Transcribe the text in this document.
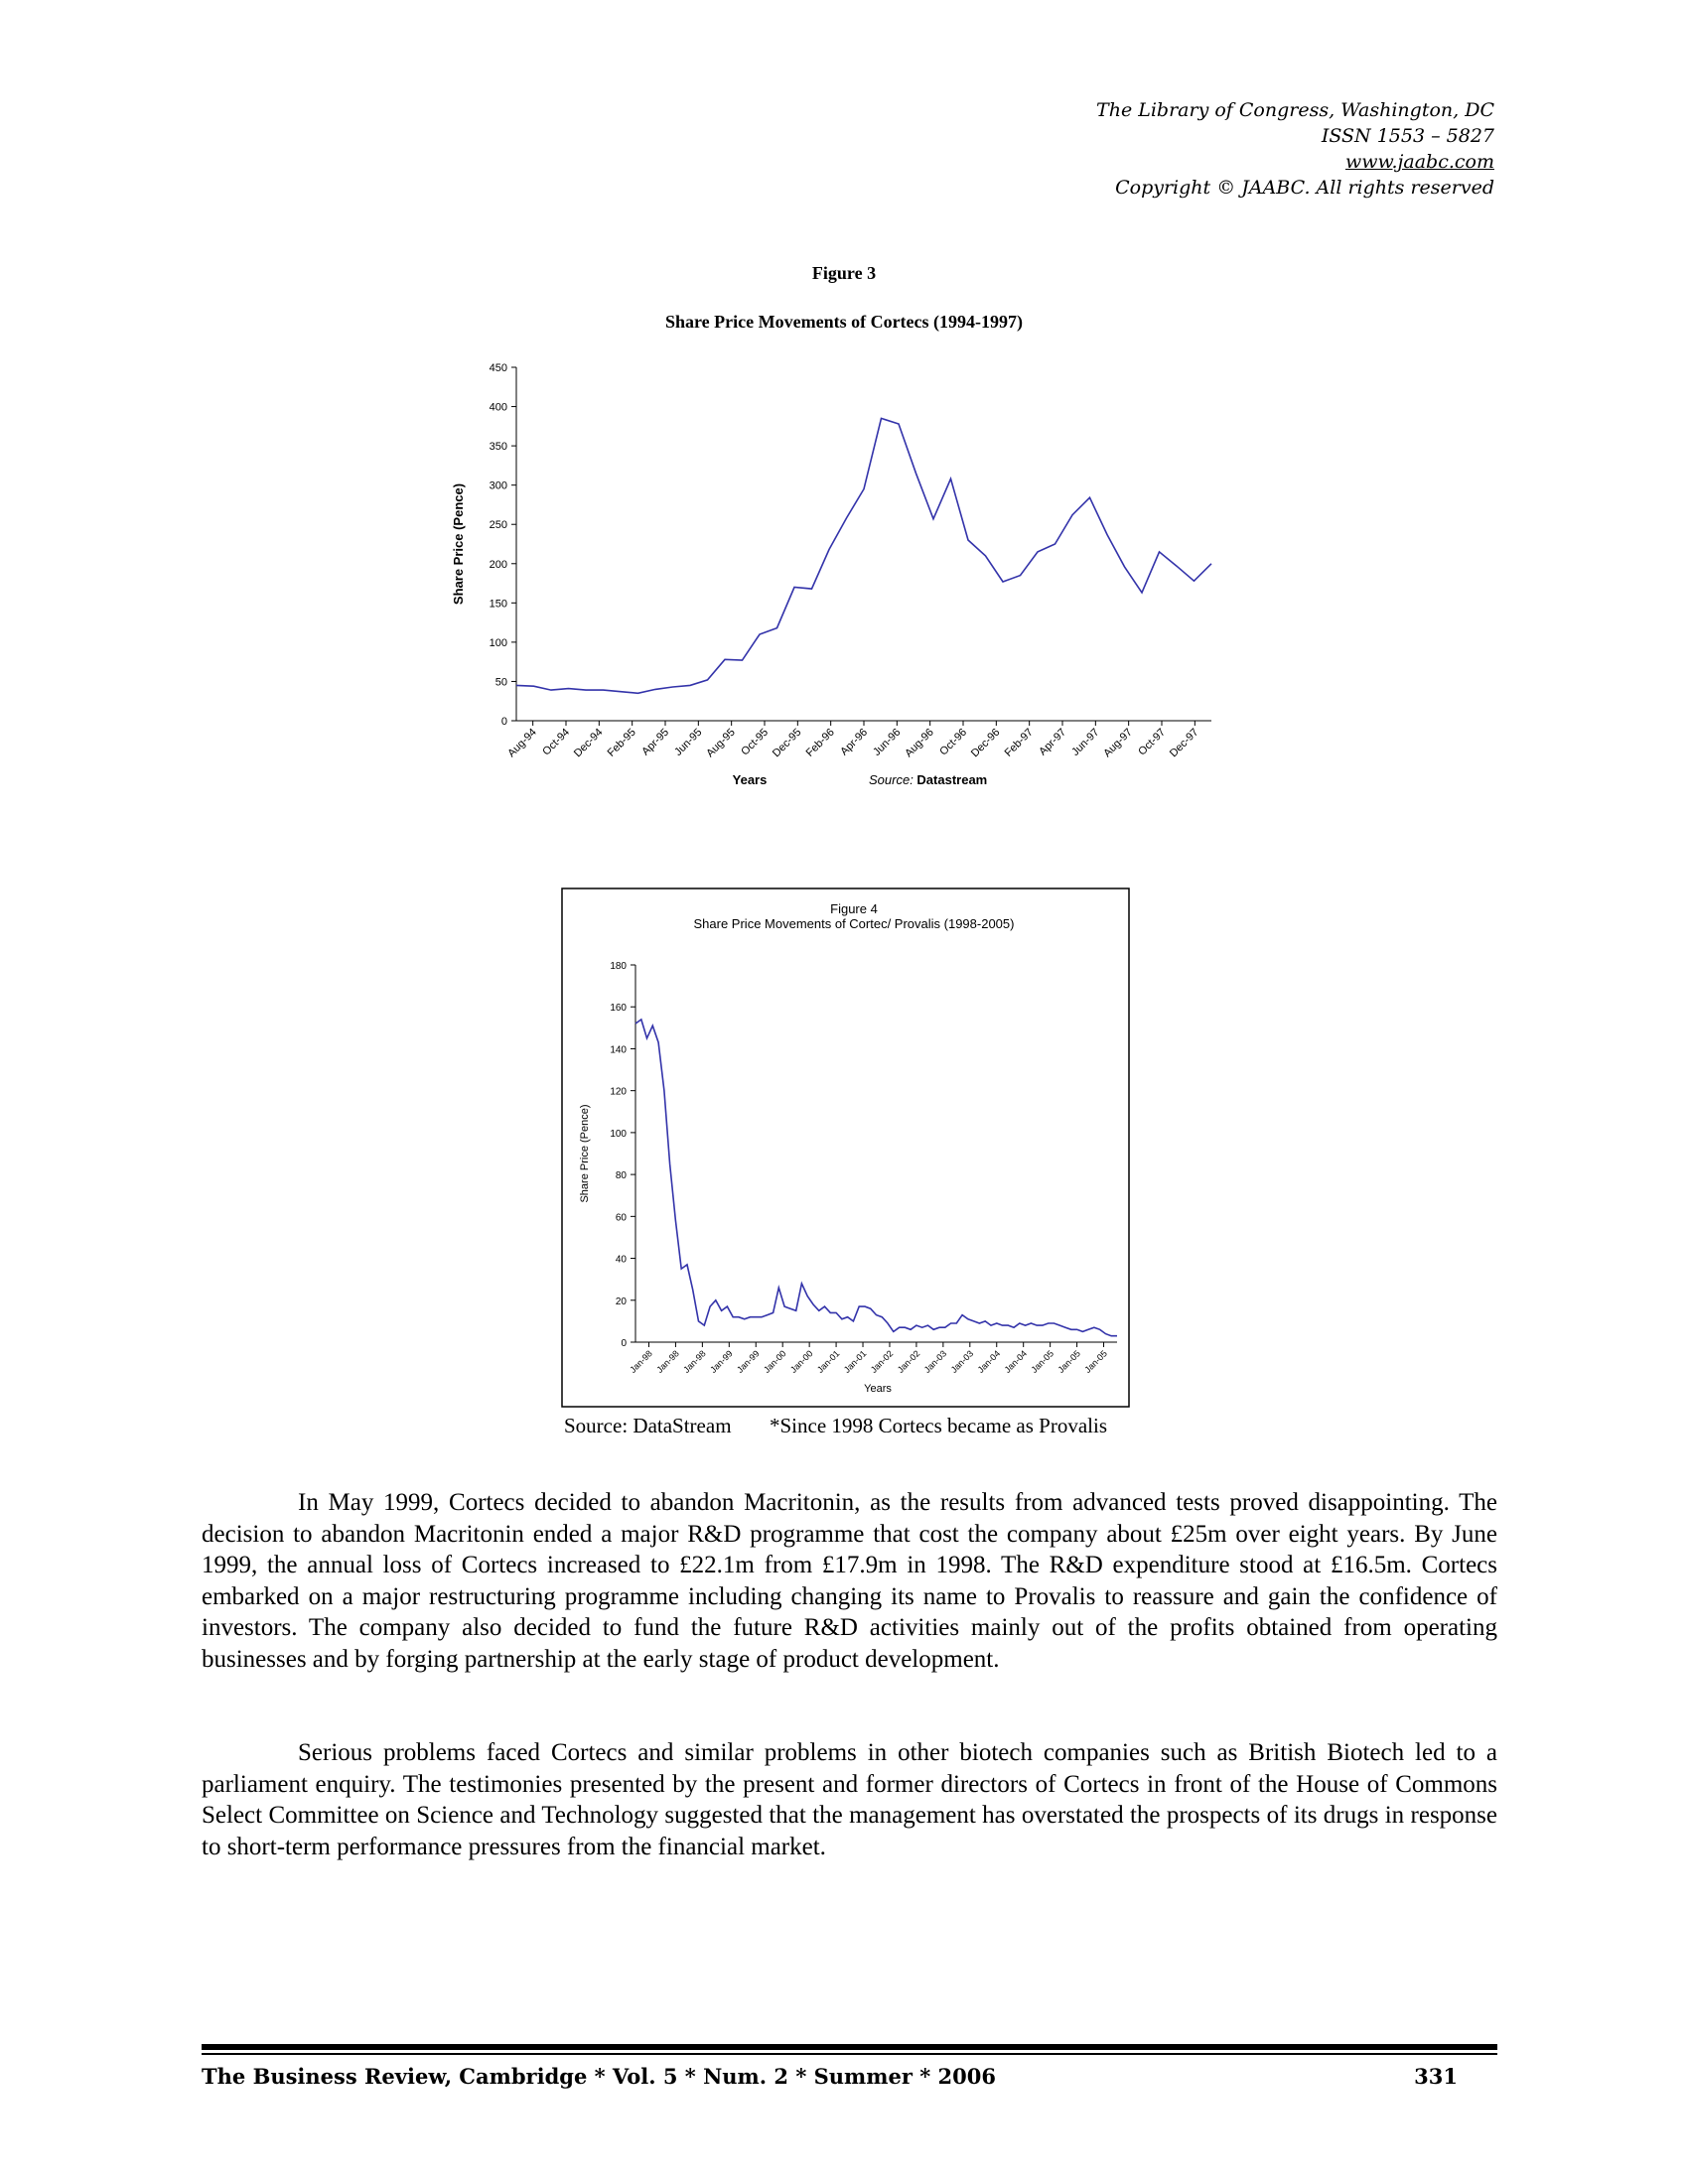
The Library of Congress, Washington, DC
ISSN 1553 – 5827
www.jaabc.com
Copyright © JAABC. All rights reserved
Figure 3
Share Price Movements of Cortecs (1994-1997)
0
50
100
150
200
250
300
350
400
450
Aug-94 Oct-94 Dec-94 Feb-95 Apr-95 Jun-95 Aug-95 Oct-95 Dec-95 Feb-96 Apr-96 Jun-96 Aug-96 Oct-96 Dec-96 Feb-97 Apr-97 Jun-97 Aug-97 Oct-97 Dec-97
Share Price (Pence)
Years	Source: Datastream
Figure 4
Share Price Movements of Cortec/ Provalis (1998-2005)
0
20
40
60
80
100
120
140
160
180
Jan-98 Jan-98 Jan-98 Jan-99 Jan-99 Jan-00 Jan-00 Jan-01 Jan-01 Jan-02 Jan-02 Jan-03 Jan-03 Jan-04 Jan-04 Jan-05 Jan-05 Jan-05
Share Price (Pence)
Years
Source: DataStream *Since 1998 Cortecs became as Provalis

In May 1999, Cortecs decided to abandon Macritonin, as the results from advanced tests proved disappointing. The decision to abandon Macritonin ended a major R&D programme that cost the company about £25m over eight years. By June 1999, the annual loss of Cortecs increased to £22.1m from £17.9m in 1998. The R&D expenditure stood at £16.5m. Cortecs embarked on a major restructuring programme including changing its name to Provalis to reassure and gain the confidence of investors. The company also decided to fund the future R&D activities mainly out of the profits obtained from operating businesses and by forging partnership at the early stage of product development.

Serious problems faced Cortecs and similar problems in other biotech companies such as British Biotech led to a parliament enquiry. The testimonies presented by the present and former directors of Cortecs in front of the House of Commons Select Committee on Science and Technology suggested that the management has overstated the prospects of its drugs in response to short-term performance pressures from the financial market.

The Business Review, Cambridge * Vol. 5 * Num. 2 * Summer * 2006	331
